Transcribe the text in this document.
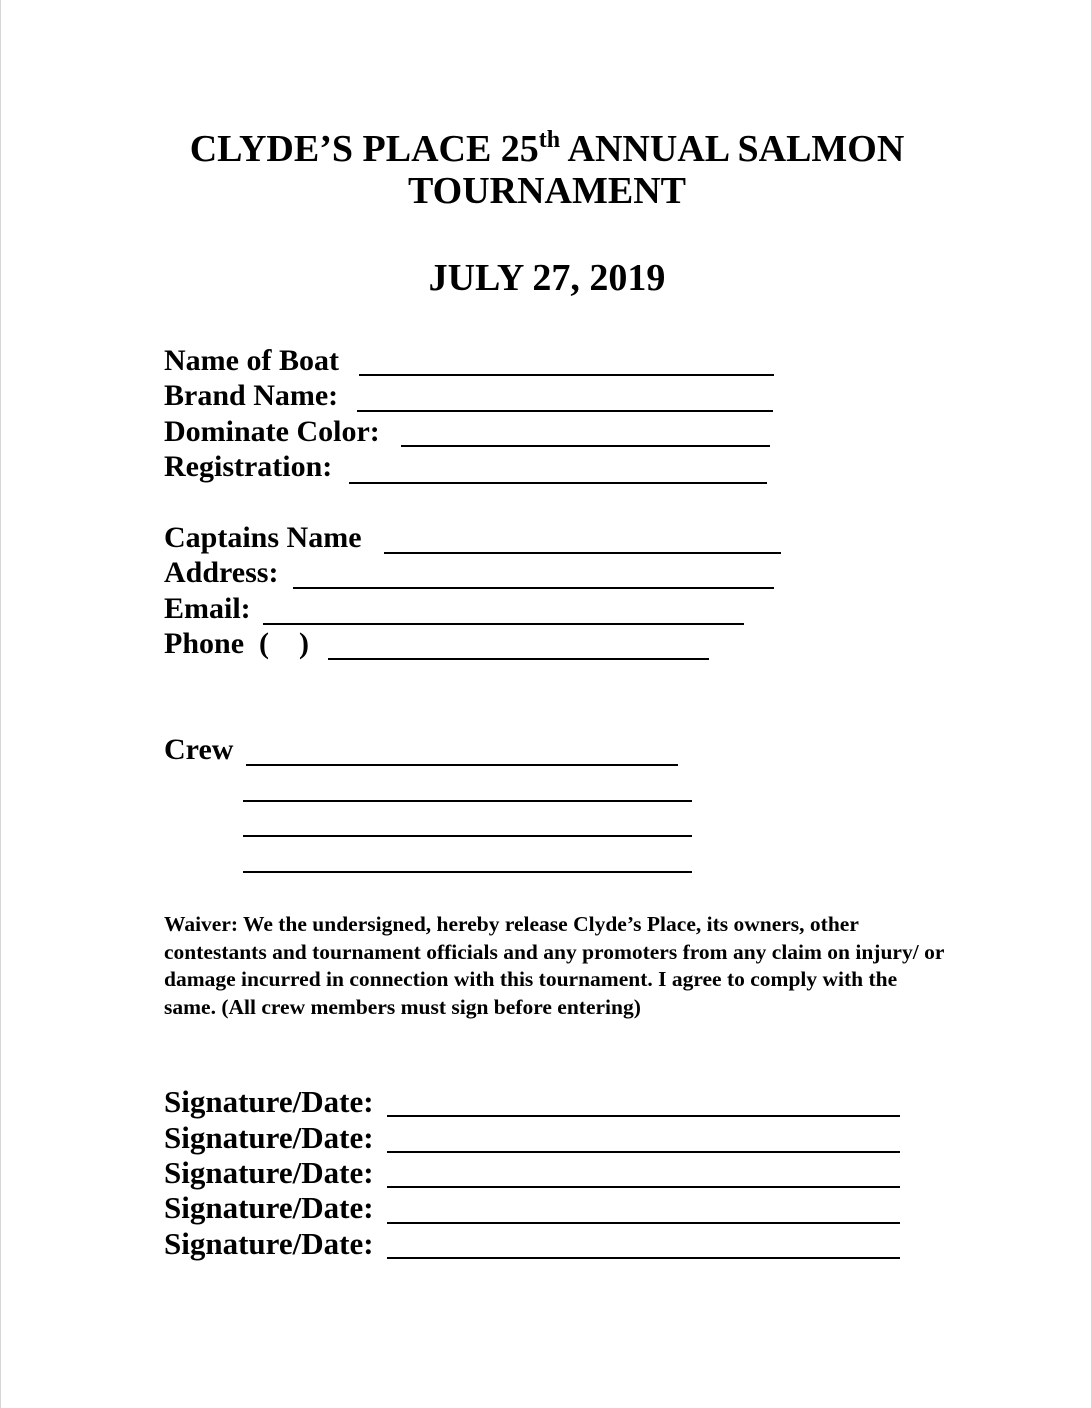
CLYDE’S PLACE 25th ANNUAL SALMON
TOURNAMENT
JULY 27, 2019
Name of Boat
Brand Name:
Dominate Color:
Registration:
Captains Name
Address:
Email:
Phone  (    )
Crew
Waiver: We the undersigned, hereby release Clyde’s Place, its owners, other contestants and tournament officials and any promoters from any claim on injury/ or damage incurred in connection with this tournament. I agree to comply with the same. (All crew members must sign before entering)
Signature/Date:
Signature/Date:
Signature/Date:
Signature/Date:
Signature/Date:
